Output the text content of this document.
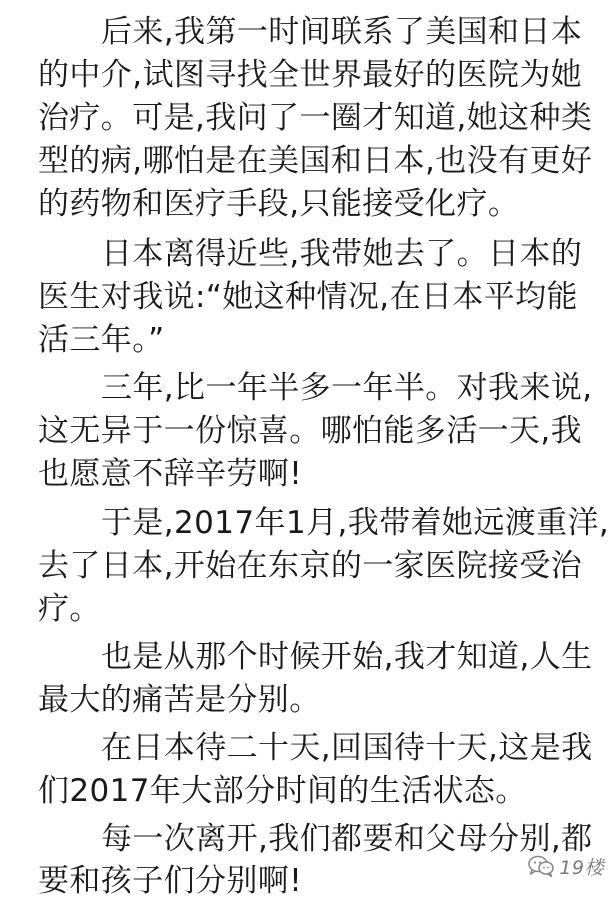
后来,我第一时间联系了美国和日本
的中介,试图寻找全世界最好的医院为她
治疗。可是,我问了一圈才知道,她这种类
型的病,哪怕是在美国和日本,也没有更好
的药物和医疗手段,只能接受化疗。
日本离得近些,我带她去了。日本的
医生对我说:“她这种情况,在日本平均能
活三年。”
三年,比一年半多一年半。对我来说,
这无异于一份惊喜。哪怕能多活一天,我
也愿意不辞辛劳啊!
于是,2017年1月,我带着她远渡重洋,
去了日本,开始在东京的一家医院接受治
疗。
也是从那个时候开始,我才知道,人生
最大的痛苦是分别。
在日本待二十天,回国待十天,这是我
们2017年大部分时间的生活状态。
每一次离开,我们都要和父母分别,都
要和孩子们分别啊!	19楼
